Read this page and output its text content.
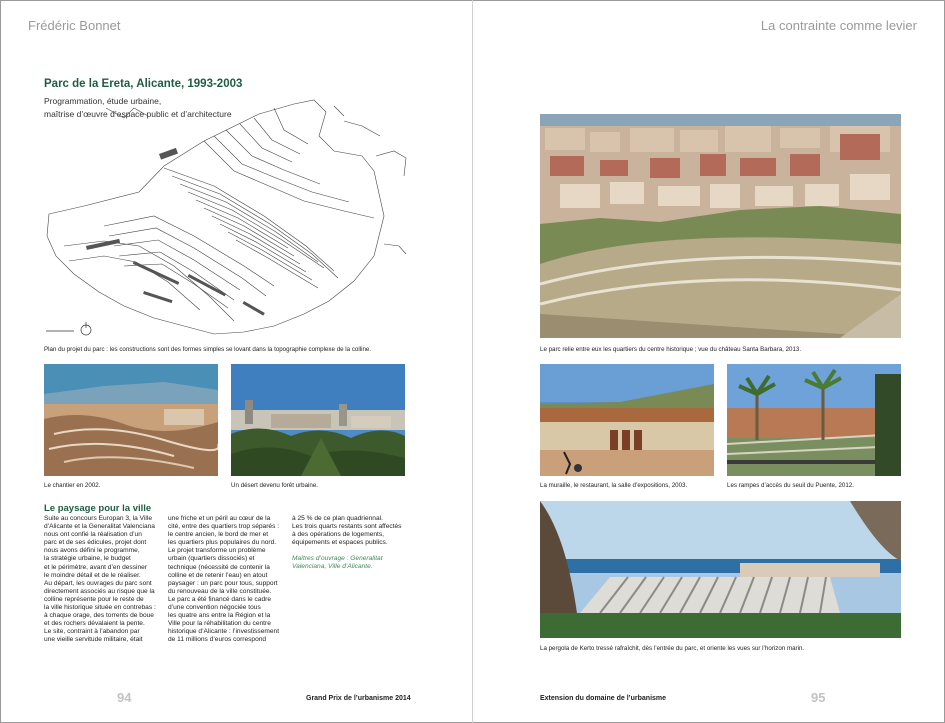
Frédéric Bonnet	La contrainte comme levier
Parc de la Ereta, Alicante, 1993-2003
Programmation, étude urbaine,
maîtrise d’œuvre d’espace public et d’architecture
Plan du projet du parc : les constructions sont des formes simples se lovant dans la topographie complexe de la colline.
Le chantier en 2002.	Un désert devenu forêt urbaine.
Le paysage pour la ville

Suite au concours Europan 3, la Ville

d’Alicante et la Generalitat Valenciana

nous ont confié la réalisation d’un

parc et de ses édicules, projet dont

nous avons défini le programme,

la stratégie urbaine, le budget

et le périmètre, avant d’en dessiner

le moindre détail et de le réaliser.

Au départ, les ouvrages du parc sont

directement associés au risque que la

colline représente pour le reste de

la ville historique située en contrebas :

à chaque orage, des torrents de boue

et des rochers dévalaient la pente.

Le site, contraint à l’abandon par

une vieille servitude militaire, était

une friche et un péril au cœur de la

cité, entre des quartiers trop séparés :

le centre ancien, le bord de mer et

les quartiers plus populaires du nord.

Le projet transforme un problème

urbain (quartiers dissociés) et

technique (nécessité de contenir la

colline et de retenir l’eau) en atout

paysager : un parc pour tous, support

du renouveau de la ville constituée.

Le parc a été financé dans le cadre

d’une convention négociée tous

les quatre ans entre la Région et la

Ville pour la réhabilitation du centre

historique d’Alicante : l’investissement

de 11 millions d’euros correspond

à 25 % de ce plan quadriennal.

Les trois quarts restants sont affectés

à des opérations de logements,

équipements et espaces publics.

Maîtres d’ouvrage : Generalitat

Valenciana, Ville d’Alicante.

Le parc relie entre eux les quartiers du centre historique ; vue du château Santa Barbara, 2013.
La muraille, le restaurant, la salle d’expositions, 2003.	Les rampes d’accès du seuil du Puente, 2012.
La pergola de Kerto tressé rafraîchit, dès l’entrée du parc, et oriente les vues sur l’horizon marin.
94	Grand Prix de l’urbanisme 2014	Extension du domaine de l’urbanisme	95
